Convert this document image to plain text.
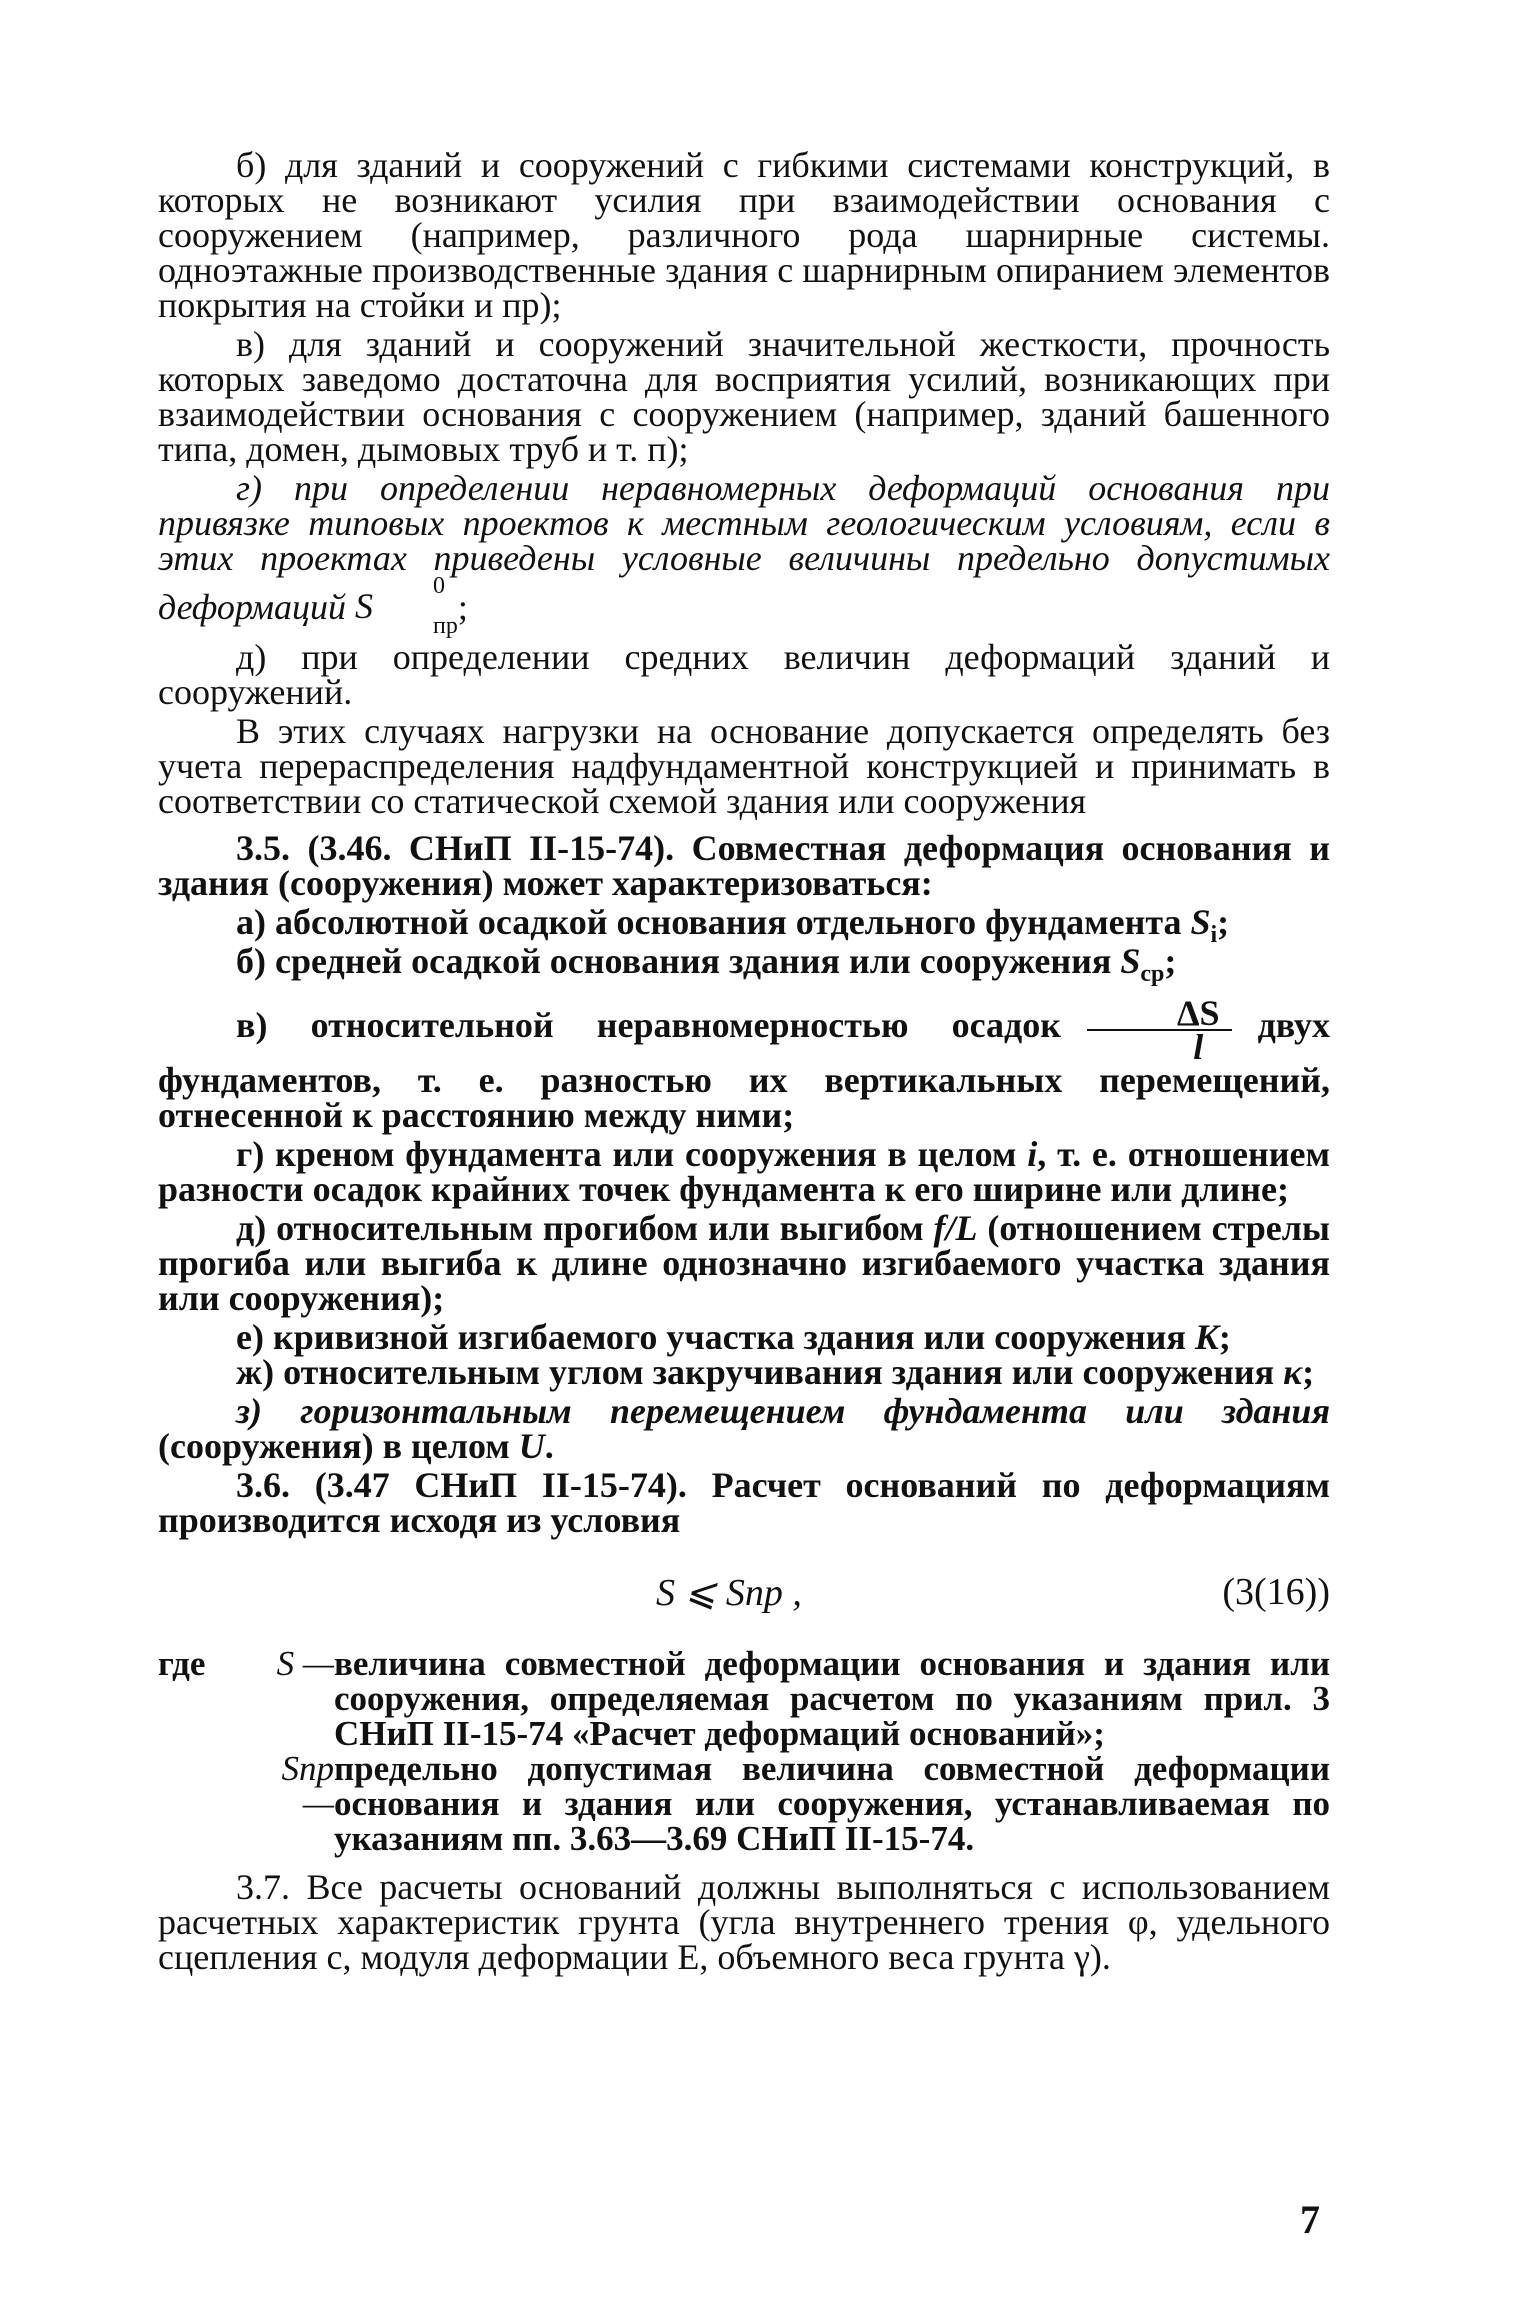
б) для зданий и сооружений с гибкими системами конструкций, в которых не возникают усилия при взаимодействии основания с сооружением (например, различного рода шарнирные системы. одноэтажные производственные здания с шарнирным опиранием элементов покрытия на стойки и пр);

в) для зданий и сооружений значительной жесткости, прочность которых заведомо достаточна для восприятия усилий, возникающих при взаимодействии основания с сооружением (например, зданий башенного типа, домен, дымовых труб и т. п);

г) при определении неравномерных деформаций основания при привязке типовых проектов к местным геологическим условиям, если в этих проектах приведены условные величины предельно допустимых деформаций
0
S	пр ;

д) при определении средних величин деформаций зданий и сооружений.

В этих случаях нагрузки на основание допускается определять без учета перераспределения надфундаментной конструкцией и принимать в соответствии со статической схемой здания или сооружения

3.5. (3.46. СНиП II-15-74). Совместная деформация основания и здания (сооружения) может характеризоваться:

а) абсолютной осадкой основания отдельного фундамента $S_i$;

б) средней осадкой основания здания или сооружения $S_{ср}$;

в) относительной неравномерностью осадок $\frac{\Delta S}{l}$ двух фундаментов, т. е. разностью их вертикальных перемещений, отнесенной к расстоянию между ними;

г) креном фундамента или сооружения в целом i, т. е. отношением разности осадок крайних точек фундамента к его ширине или длине;

д) относительным прогибом или выгибом f/L (отношением стрелы прогиба или выгиба к длине однозначно изгибаемого участка здания или сооружения);

е) кривизной изгибаемого участка здания или сооружения K;

ж) относительным углом закручивания здания или сооружения κ;

з) горизонтальным перемещением фундамента или здания (сооружения) в целом U.

3.6. (3.47 СНиП II-15-74). Расчет оснований по деформациям производится исходя из условия

S ⩽ Sпр ,	(3(16))
где	S — величина совместной деформации основания и здания или сооружения, определяемая расчетом по указаниям прил. 3 СНиП II-15-74 «Расчет деформаций оснований»;
Sпр —
предельно допустимая величина совместной деформации основания и здания или сооружения, устанавливаемая по указаниям пп. 3.63—3.69 СНиП II-15-74.

3.7. Все расчеты оснований должны выполняться с использованием расчетных характеристик грунта (угла внутреннего трения φ, удельного сцепления c, модуля деформации E, объемного веса грунта γ).

7
